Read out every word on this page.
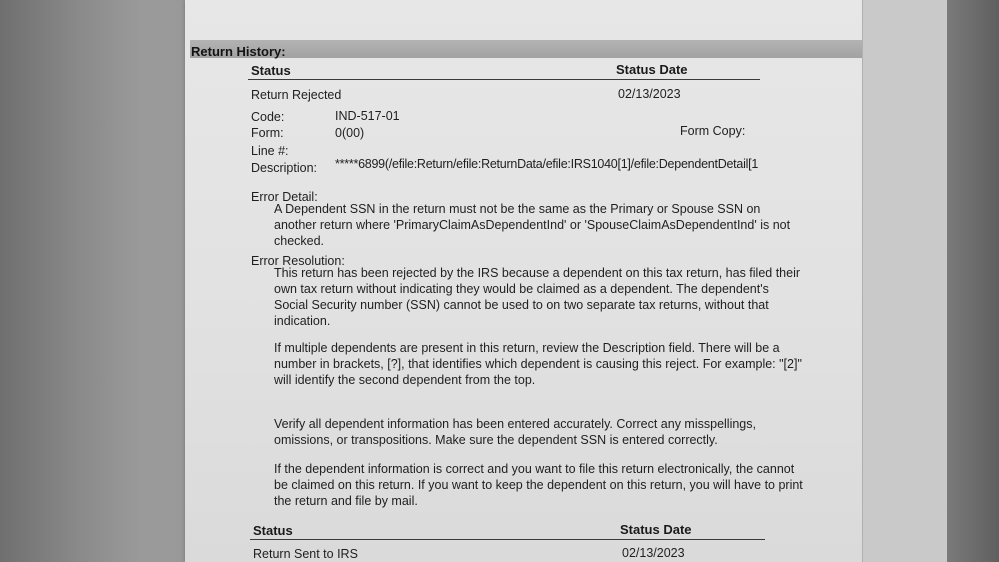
Return History:
Status	Status Date
Return Rejected	02/13/2023
Code:	IND-517-01
Form:	0(00)	Form Copy:
Line #:
Description: *****6899(/efile:Return/efile:ReturnData/efile:IRS1040[1]/efile:DependentDetail[1
Error Detail:
A Dependent SSN in the return must not be the same as the Primary or Spouse SSN on another return where 'PrimaryClaimAsDependentInd' or 'SpouseClaimAsDependentInd' is not checked.
Error Resolution:
This return has been rejected by the IRS because a dependent on this tax return, has filed their own tax return without indicating they would be claimed as a dependent. The dependent's Social Security number (SSN) cannot be used to on two separate tax returns, without that indication.
If multiple dependents are present in this return, review the Description field. There will be a number in brackets, [?], that identifies which dependent is causing this reject. For example: "[2]" will identify the second dependent from the top.
Verify all dependent information has been entered accurately. Correct any misspellings, omissions, or transpositions. Make sure the dependent SSN is entered correctly.
If the dependent information is correct and you want to file this return electronically, the cannot be claimed on this return. If you want to keep the dependent on this return, you will have to print the return and file by mail.
Status	Status Date
Return Sent to IRS	02/13/2023
